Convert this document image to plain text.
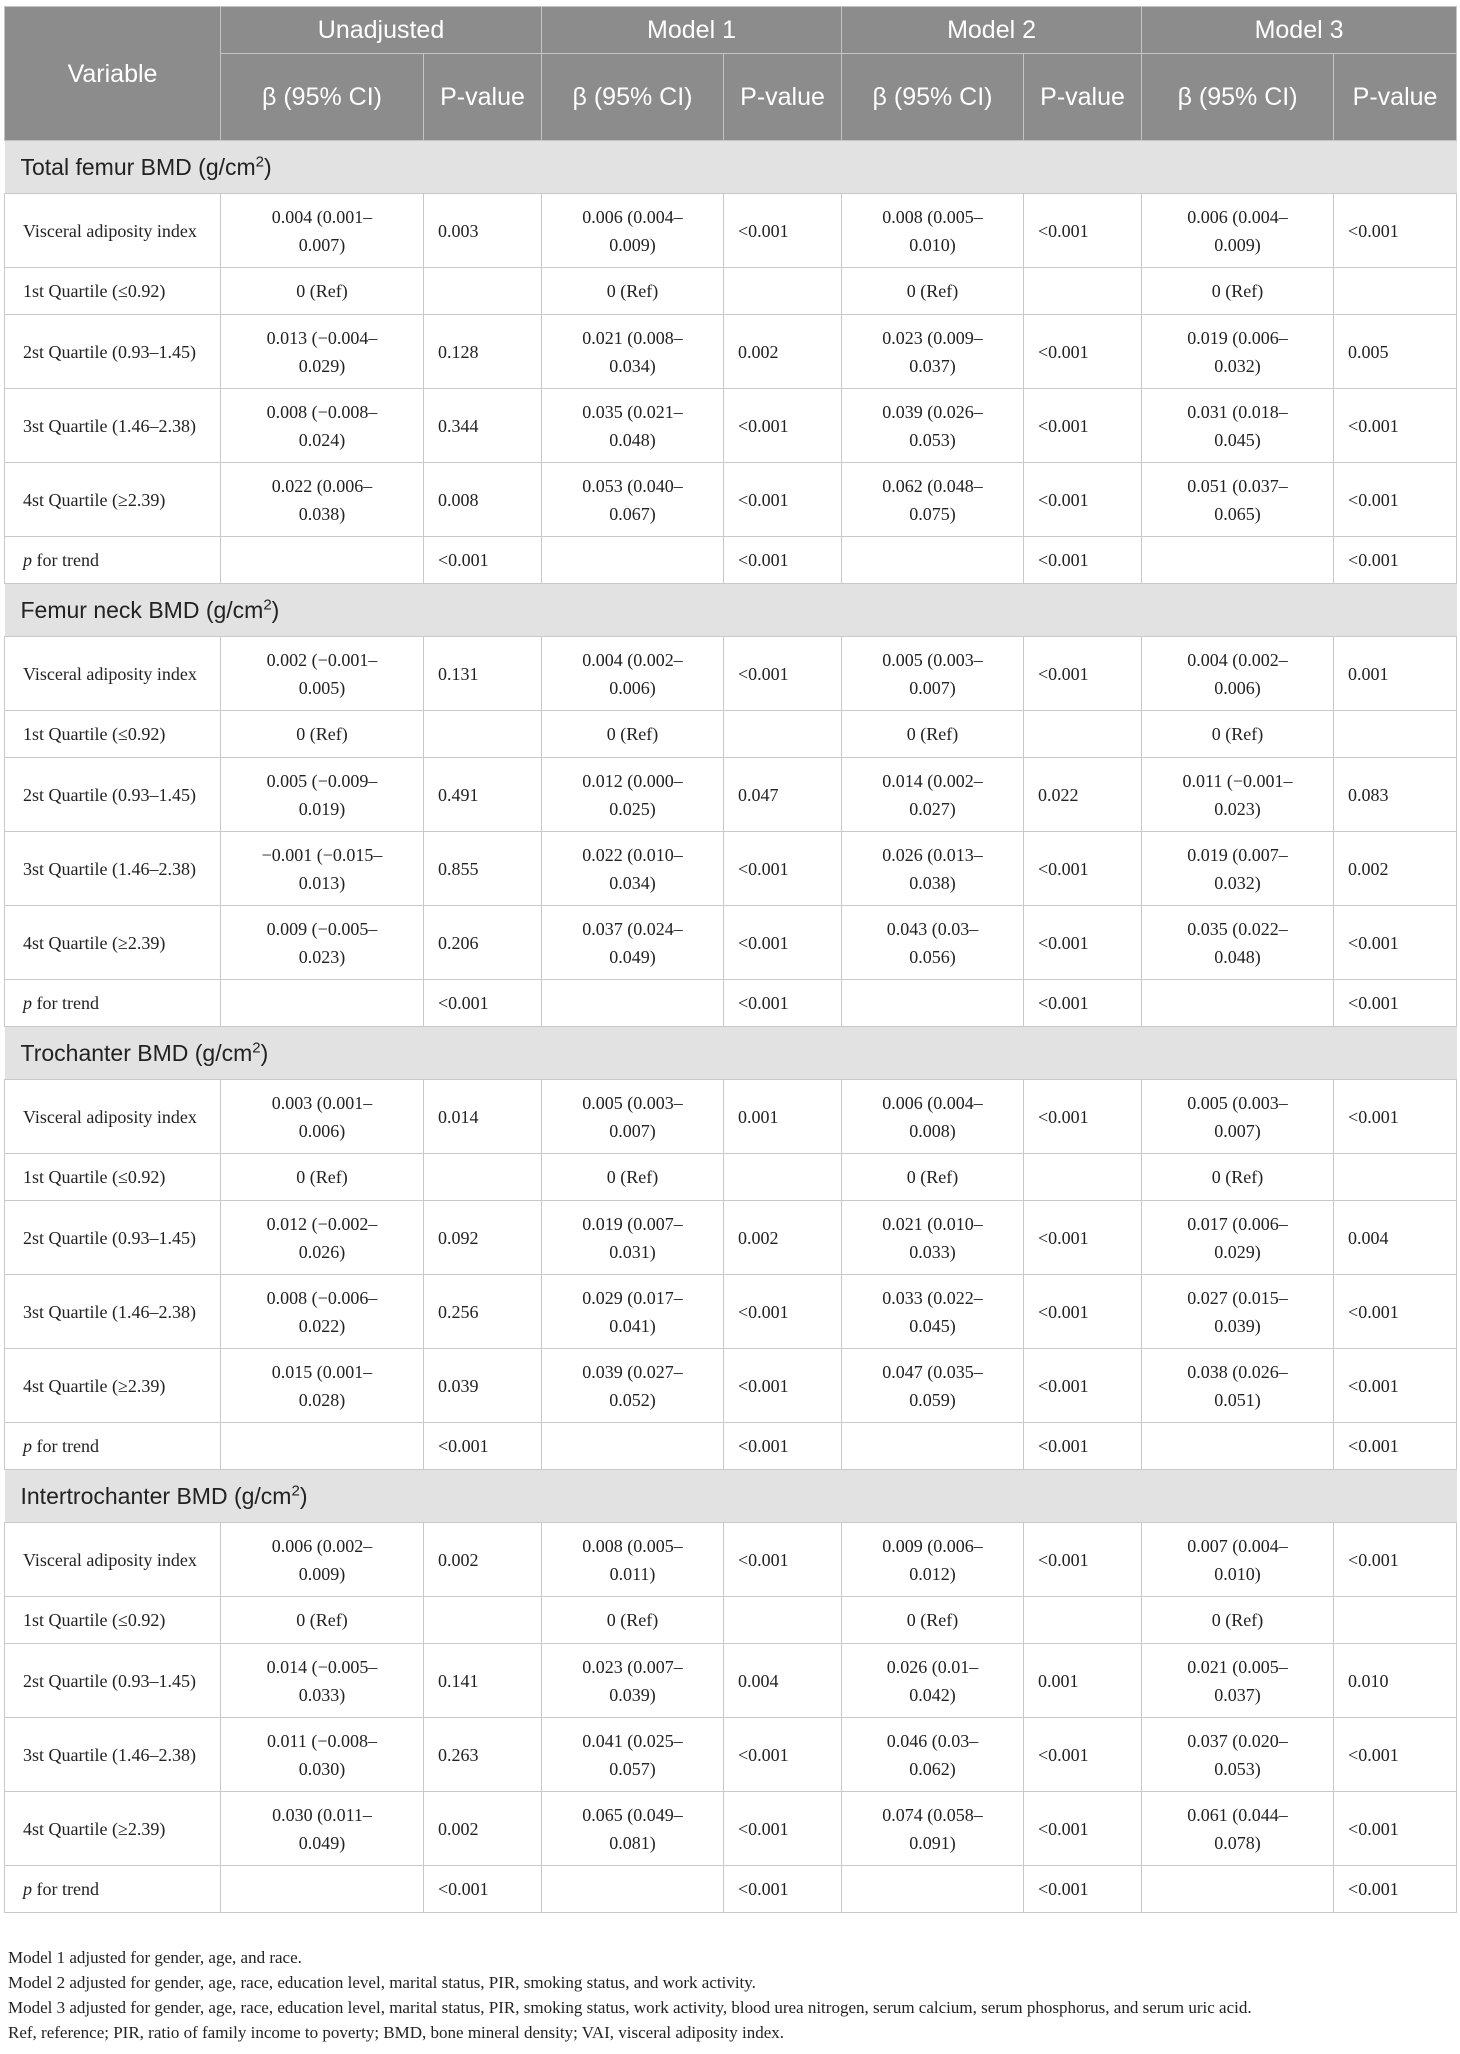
Variable	Unadjusted		Model 1		Model 2		Model 3	
	β (95% CI)	P-value	β (95% CI)	P-value	β (95% CI)	P-value	β (95% CI)	P-value
Total femur BMD $(g/cm^2)$								
Visceral adiposity index	0.004 (0.001–0.007)	0.003	0.006 (0.004–0.009)	<0.001	0.008 (0.005–0.010)	<0.001	0.006 (0.004–0.009)	<0.001
1st Quartile (≤0.92)	0 (Ref)		0 (Ref)		0 (Ref)		0 (Ref)	
2st Quartile (0.93–1.45)	0.013 (−0.004–0.029)	0.128	0.021 (0.008–0.034)	0.002	0.023 (0.009–0.037)	<0.001	0.019 (0.006–0.032)	0.005
3st Quartile (1.46–2.38)	0.008 (−0.008–0.024)	0.344	0.035 (0.021–0.048)	<0.001	0.039 (0.026–0.053)	<0.001	0.031 (0.018–0.045)	<0.001
4st Quartile (≥2.39)	0.022 (0.006–0.038)	0.008	0.053 (0.040–0.067)	<0.001	0.062 (0.048–0.075)	<0.001	0.051 (0.037–0.065)	<0.001
p for trend		<0.001		<0.001		<0.001		<0.001
Femur neck BMD $(g/cm^2)$								
Visceral adiposity index	0.002 (−0.001–0.005)	0.131	0.004 (0.002–0.006)	<0.001	0.005 (0.003–0.007)	<0.001	0.004 (0.002–0.006)	0.001
1st Quartile (≤0.92)	0 (Ref)		0 (Ref)		0 (Ref)		0 (Ref)	
2st Quartile (0.93–1.45)	0.005 (−0.009–0.019)	0.491	0.012 (0.000–0.025)	0.047	0.014 (0.002–0.027)	0.022	0.011 (−0.001–0.023)	0.083
3st Quartile (1.46–2.38)	−0.001 (−0.015–0.013)	0.855	0.022 (0.010–0.034)	<0.001	0.026 (0.013–0.038)	<0.001	0.019 (0.007–0.032)	0.002
4st Quartile (≥2.39)	0.009 (−0.005–0.023)	0.206	0.037 (0.024–0.049)	<0.001	0.043 (0.03–0.056)	<0.001	0.035 (0.022–0.048)	<0.001
p for trend		<0.001		<0.001		<0.001		<0.001
Trochanter BMD $(g/cm^2)$								
Visceral adiposity index	0.003 (0.001–0.006)	0.014	0.005 (0.003–0.007)	0.001	0.006 (0.004–0.008)	<0.001	0.005 (0.003–0.007)	<0.001
1st Quartile (≤0.92)	0 (Ref)		0 (Ref)		0 (Ref)		0 (Ref)	
2st Quartile (0.93–1.45)	0.012 (−0.002–0.026)	0.092	0.019 (0.007–0.031)	0.002	0.021 (0.010–0.033)	<0.001	0.017 (0.006–0.029)	0.004
3st Quartile (1.46–2.38)	0.008 (−0.006–0.022)	0.256	0.029 (0.017–0.041)	<0.001	0.033 (0.022–0.045)	<0.001	0.027 (0.015–0.039)	<0.001
4st Quartile (≥2.39)	0.015 (0.001–0.028)	0.039	0.039 (0.027–0.052)	<0.001	0.047 (0.035–0.059)	<0.001	0.038 (0.026–0.051)	<0.001
p for trend		<0.001		<0.001		<0.001		<0.001
Intertrochanter BMD $(g/cm^2)$								
Visceral adiposity index	0.006 (0.002–0.009)	0.002	0.008 (0.005–0.011)	<0.001	0.009 (0.006–0.012)	<0.001	0.007 (0.004–0.010)	<0.001
1st Quartile (≤0.92)	0 (Ref)		0 (Ref)		0 (Ref)		0 (Ref)	
2st Quartile (0.93–1.45)	0.014 (−0.005–0.033)	0.141	0.023 (0.007–0.039)	0.004	0.026 (0.01–0.042)	0.001	0.021 (0.005–0.037)	0.010
3st Quartile (1.46–2.38)	0.011 (−0.008–0.030)	0.263	0.041 (0.025–0.057)	<0.001	0.046 (0.03–0.062)	<0.001	0.037 (0.020–0.053)	<0.001
4st Quartile (≥2.39)	0.030 (0.011–0.049)	0.002	0.065 (0.049–0.081)	<0.001	0.074 (0.058–0.091)	<0.001	0.061 (0.044–0.078)	<0.001
p for trend		<0.001		<0.001		<0.001		<0.001
Model 1 adjusted for gender, age, and race.
Model 2 adjusted for gender, age, race, education level, marital status, PIR, smoking status, and work activity.
Model 3 adjusted for gender, age, race, education level, marital status, PIR, smoking status, work activity, blood urea nitrogen, serum calcium, serum phosphorus, and serum uric acid.
Ref, reference; PIR, ratio of family income to poverty; BMD, bone mineral density; VAI, visceral adiposity index.
